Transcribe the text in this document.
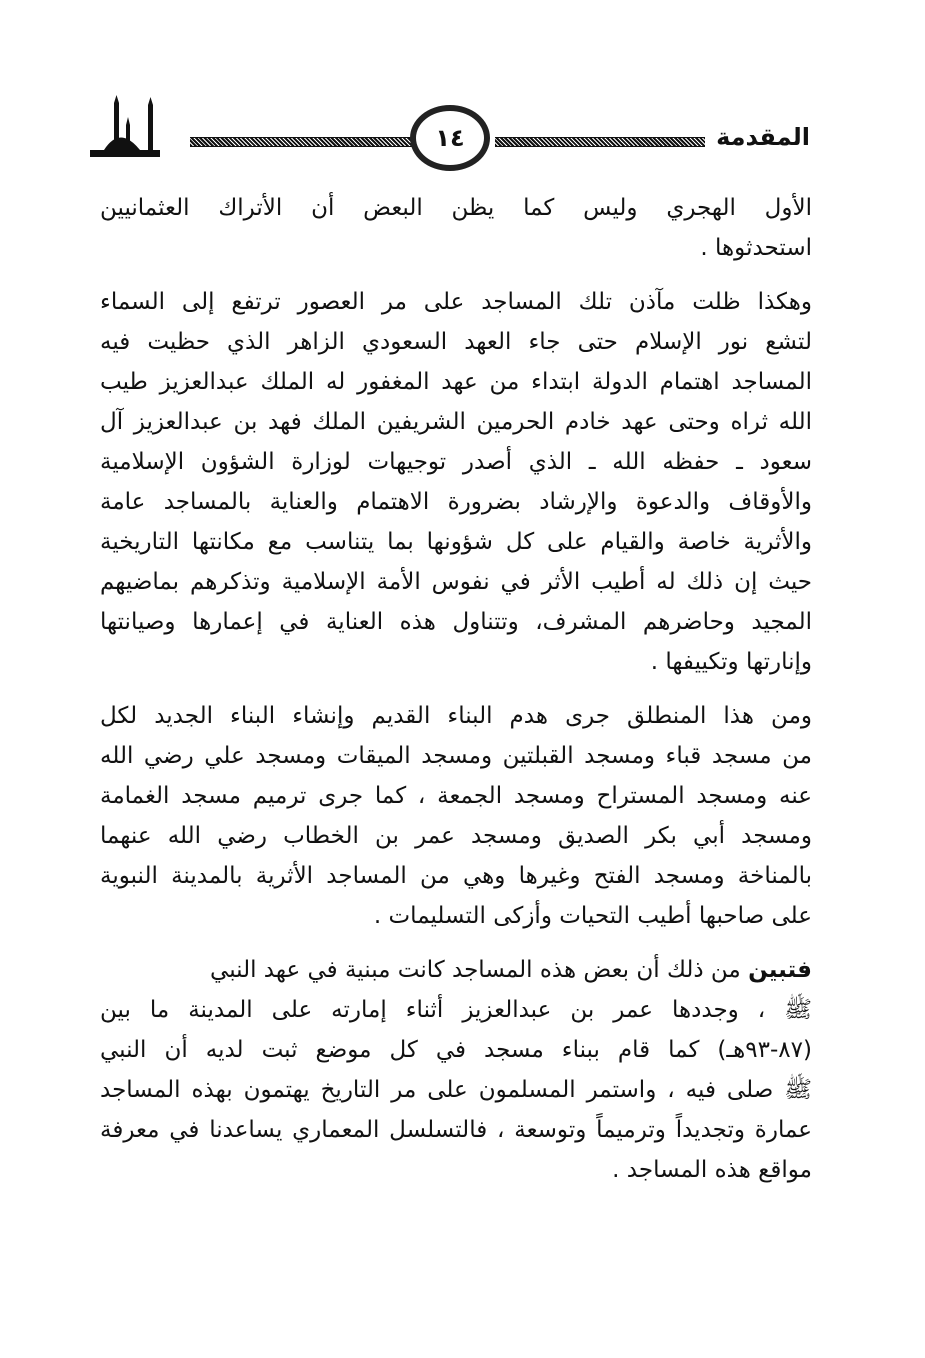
١٤	المقدمة
الأول الهجري وليس كما يظن البعض أن الأتراك العثمانيين
استحدثوها .
وهكذا ظلت مآذن تلك المساجد على مر العصور ترتفع إلى السماء
لتشع نور الإسلام حتى جاء العهد السعودي الزاهر الذي حظيت فيه
المساجد اهتمام الدولة ابتداء من عهد المغفور له الملك عبدالعزيز طيب
الله ثراه وحتى عهد خادم الحرمين الشريفين الملك فهد بن عبدالعزيز آل
سعود ـ حفظه الله ـ الذي أصدر توجيهات لوزارة الشؤون الإسلامية
والأوقاف والدعوة والإرشاد بضرورة الاهتمام والعناية بالمساجد عامة
والأثرية خاصة والقيام على كل شؤونها بما يتناسب مع مكانتها التاريخية
حيث إن ذلك له أطيب الأثر في نفوس الأمة الإسلامية وتذكرهم بماضيهم
المجيد وحاضرهم المشرف، وتتناول هذه العناية في إعمارها وصيانتها
وإنارتها وتكييفها .
ومن هذا المنطلق جرى هدم البناء القديم وإنشاء البناء الجديد لكل
من مسجد قباء ومسجد القبلتين ومسجد الميقات ومسجد علي رضي الله
عنه ومسجد المستراح ومسجد الجمعة ، كما جرى ترميم مسجد الغمامة
ومسجد أبي بكر الصديق ومسجد عمر بن الخطاب رضي الله عنهما
بالمناخة ومسجد الفتح وغيرها وهي من المساجد الأثرية بالمدينة النبوية
على صاحبها أطيب التحيات وأزكى التسليمات .
فتبين من ذلك أن بعض هذه المساجد كانت مبنية في عهد النبي
ﷺ ، وجددها عمر بن عبدالعزيز أثناء إمارته على المدينة ما بين
(٨٧-٩٣هـ) كما قام ببناء مسجد في كل موضع ثبت لديه أن النبي
ﷺ صلى فيه ، واستمر المسلمون على مر التاريخ يهتمون بهذه المساجد
عمارة وتجديداً وترميماً وتوسعة ، فالتسلسل المعماري يساعدنا في معرفة
مواقع هذه المساجد .
